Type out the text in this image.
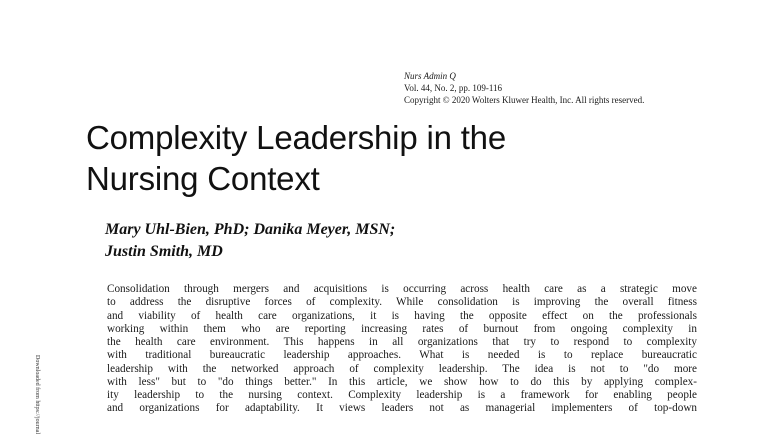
Nurs Admin Q
Vol. 44, No. 2, pp. 109-116
Copyright © 2020 Wolters Kluwer Health, Inc. All rights reserved.
Complexity Leadership in the
Nursing Context
Mary Uhl-Bien, PhD; Danika Meyer, MSN;
Justin Smith, MD
Consolidation through mergers and acquisitions is occurring across health care as a strategic move
to address the disruptive forces of complexity. While consolidation is improving the overall fitness
and viability of health care organizations, it is having the opposite effect on the professionals
working within them who are reporting increasing rates of burnout from ongoing complexity in
the health care environment. This happens in all organizations that try to respond to complexity
with traditional bureaucratic leadership approaches. What is needed is to replace bureaucratic
leadership with the networked approach of complexity leadership. The idea is not to "do more
with less" but to "do things better." In this article, we show how to do this by applying complex-
ity leadership to the nursing context. Complexity leadership is a framework for enabling people
and organizations for adaptability. It views leaders not as managerial implementers of top-down
Downloaded from https://journal
